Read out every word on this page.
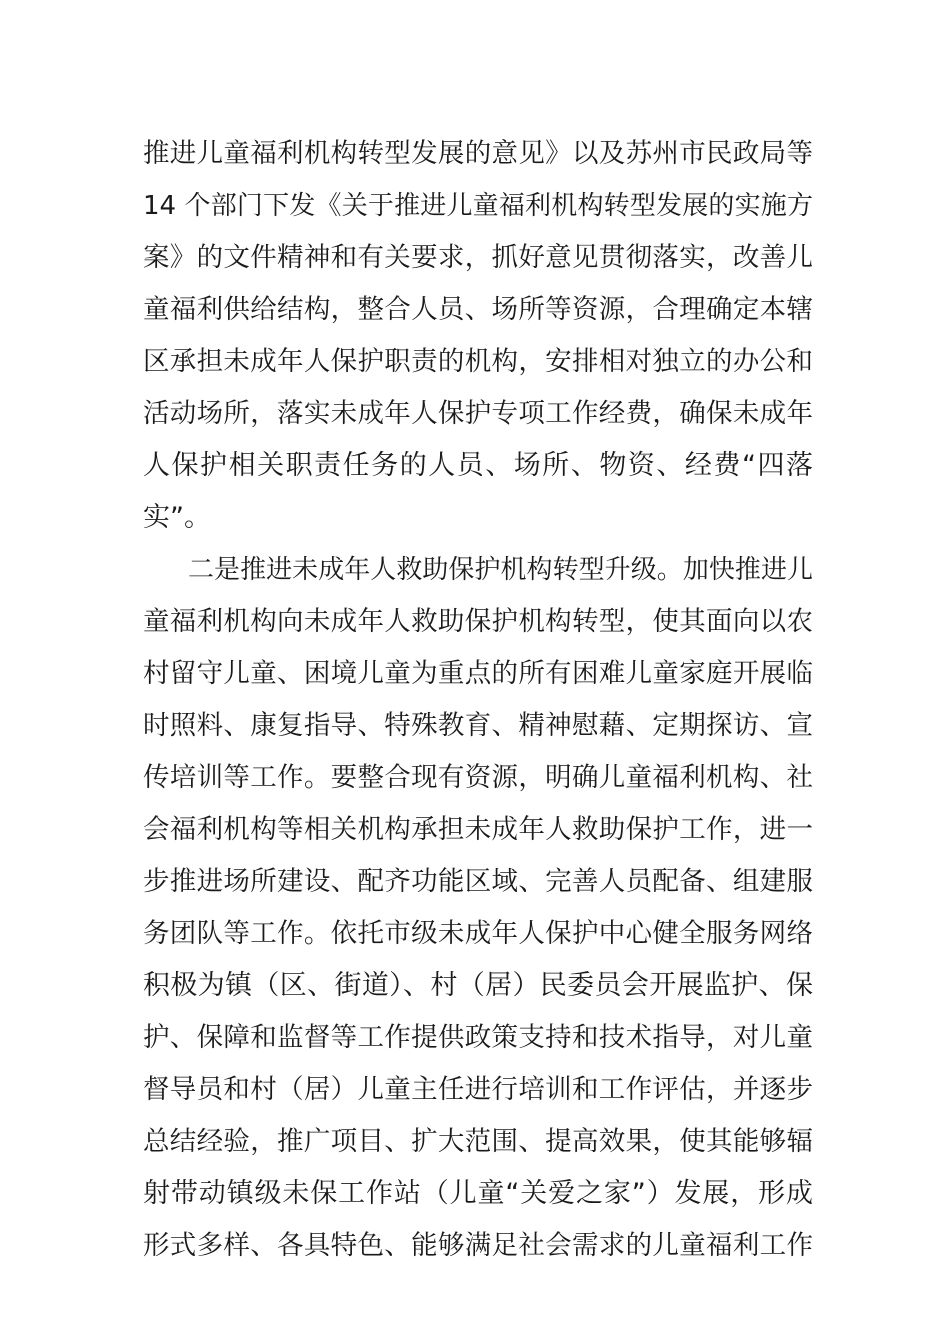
推进儿童福利机构转型发展的意见》以及苏州市民政局等
14 个部门下发《关于推进儿童福利机构转型发展的实施方
案》的文件精神和有关要求，抓好意见贯彻落实，改善儿
童福利供给结构，整合人员、场所等资源，合理确定本辖
区承担未成年人保护职责的机构，安排相对独立的办公和
活动场所，落实未成年人保护专项工作经费，确保未成年
人保护相关职责任务的人员、场所、物资、经费“四落
实”。
二是推进未成年人救助保护机构转型升级。加快推进儿
童福利机构向未成年人救助保护机构转型，使其面向以农
村留守儿童、困境儿童为重点的所有困难儿童家庭开展临
时照料、康复指导、特殊教育、精神慰藉、定期探访、宣
传培训等工作。要整合现有资源，明确儿童福利机构、社
会福利机构等相关机构承担未成年人救助保护工作，进一
步推进场所建设、配齐功能区域、完善人员配备、组建服
务团队等工作。依托市级未成年人保护中心健全服务网络
积极为镇（区、街道）、村（居）民委员会开展监护、保
护、保障和监督等工作提供政策支持和技术指导，对儿童
督导员和村（居）儿童主任进行培训和工作评估，并逐步
总结经验，推广项目、扩大范围、提高效果，使其能够辐
射带动镇级未保工作站（儿童“关爱之家”）发展，形成
形式多样、各具特色、能够满足社会需求的儿童福利工作
